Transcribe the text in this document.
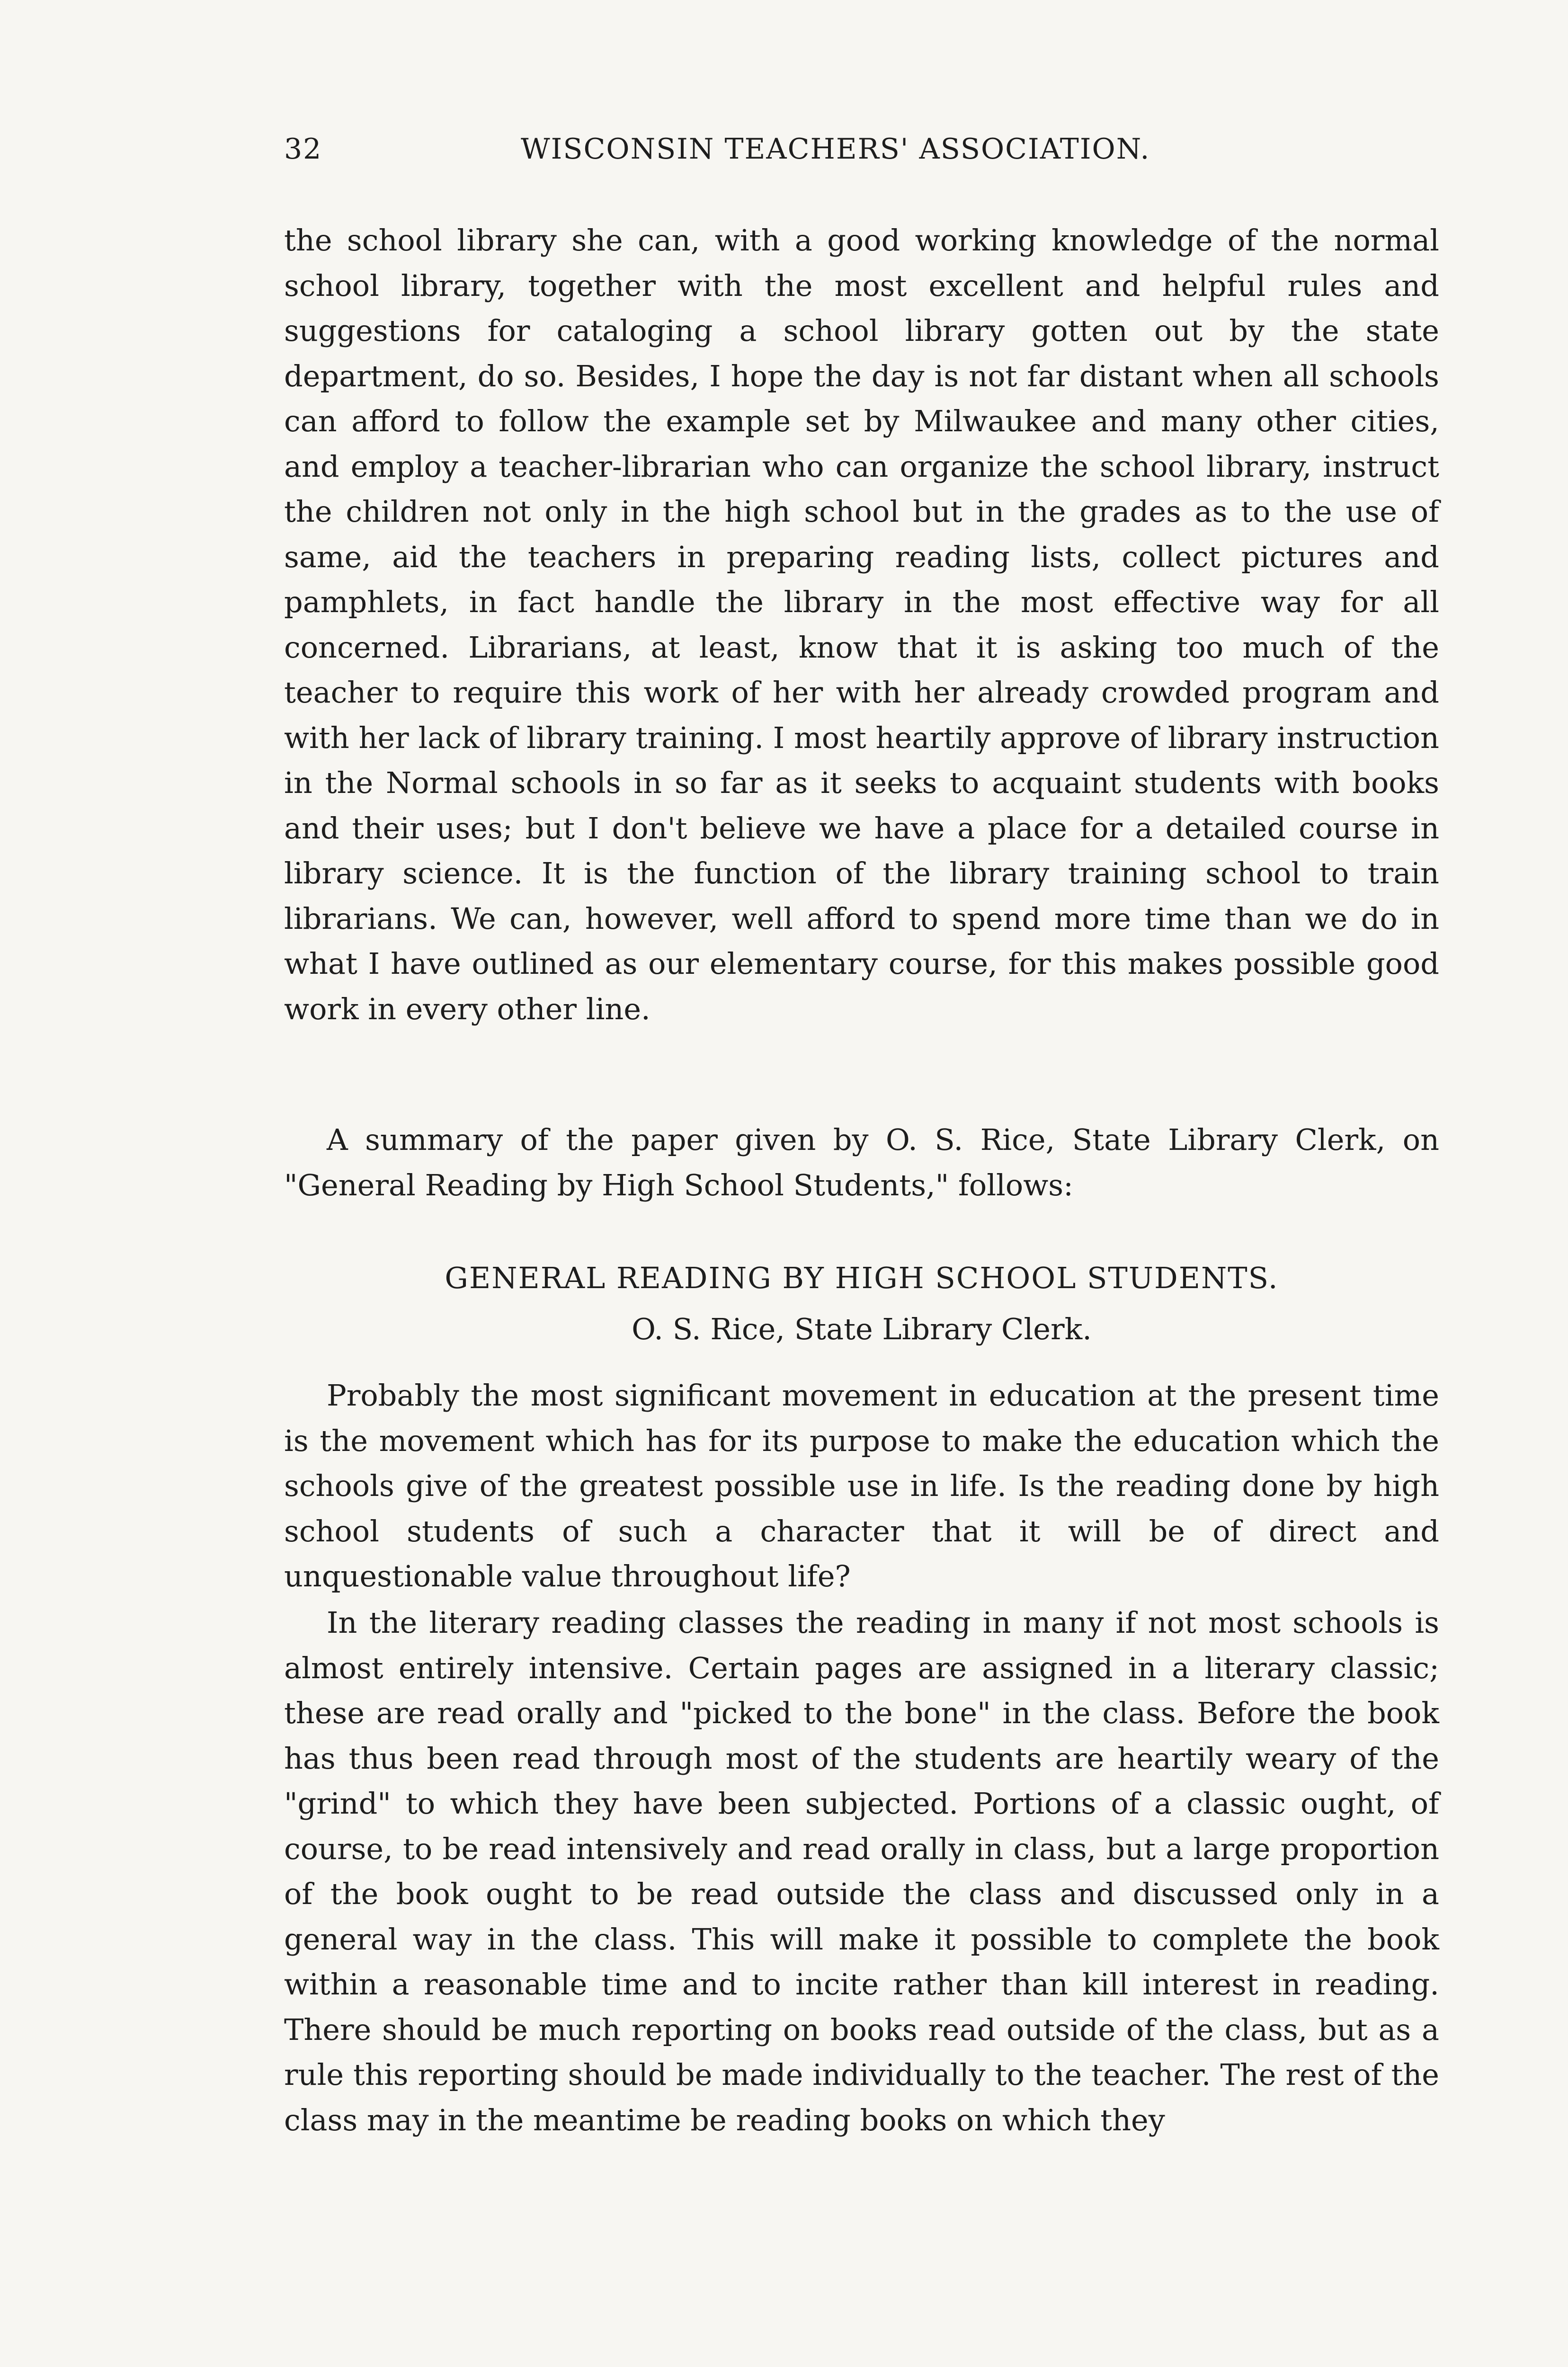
32	WISCONSIN TEACHERS' ASSOCIATION.

the school library she can, with a good working knowledge of the normal school library, together with the most excellent and helpful rules and suggestions for cataloging a school library gotten out by the state department, do so. Besides, I hope the day is not far distant when all schools can afford to follow the example set by Milwaukee and many other cities, and employ a teacher-librarian who can organize the school library, instruct the children not only in the high school but in the grades as to the use of same, aid the teachers in preparing reading lists, collect pictures and pamphlets, in fact handle the library in the most effective way for all concerned. Librarians, at least, know that it is asking too much of the teacher to require this work of her with her already crowded program and with her lack of library training. I most heartily approve of library instruction in the Normal schools in so far as it seeks to acquaint students with books and their uses; but I don't believe we have a place for a detailed course in library science. It is the function of the library training school to train librarians. We can, however, well afford to spend more time than we do in what I have outlined as our elementary course, for this makes possible good work in every other line.

A summary of the paper given by O. S. Rice, State Library Clerk, on "General Reading by High School Students," follows:

GENERAL READING BY HIGH SCHOOL STUDENTS.
O. S. Rice, State Library Clerk.

Probably the most significant movement in education at the present time is the movement which has for its purpose to make the education which the schools give of the greatest possible use in life. Is the reading done by high school students of such a character that it will be of direct and unquestionable value throughout life?

In the literary reading classes the reading in many if not most schools is almost entirely intensive. Certain pages are assigned in a literary classic; these are read orally and "picked to the bone" in the class. Before the book has thus been read through most of the students are heartily weary of the "grind" to which they have been subjected. Portions of a classic ought, of course, to be read intensively and read orally in class, but a large proportion of the book ought to be read outside the class and discussed only in a general way in the class. This will make it possible to complete the book within a reasonable time and to incite rather than kill interest in reading. There should be much reporting on books read outside of the class, but as a rule this reporting should be made individually to the teacher. The rest of the class may in the meantime be reading books on which they
